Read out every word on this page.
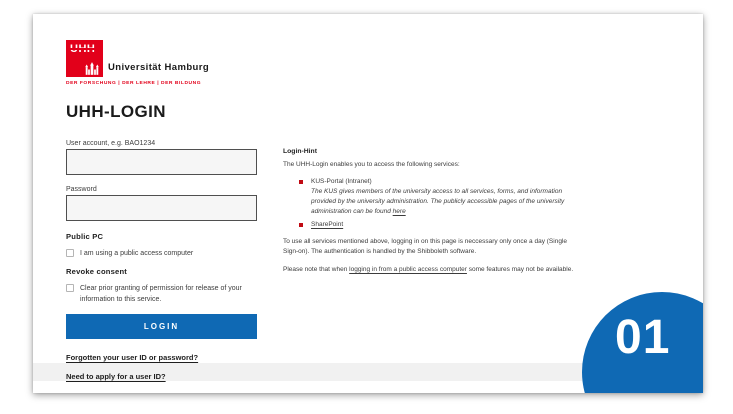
UHH
Universität Hamburg
DER FORSCHUNG | DER LEHRE | DER BILDUNG
UHH-LOGIN
User account, e.g. BAO1234
Password
Public PC
I am using a public access computer
Revoke consent
Clear prior granting of permission for release of your information to this service.
LOGIN
Forgotten your user ID or password?
Need to apply for a user ID?
Login-Hint

The UHH-Login enables you to access the following services:

KUS-Portal (Intranet)
The KUS gives members of the university access to all services, forms, and information provided by the university administration. The publicly accessible pages of the university administration can be found here
SharePoint

To use all services mentioned above, logging in on this page is neccessary only once a day (Single Sign-on). The authentication is handled by the Shibboleth software.

Please note that when logging in from a public access computer some features may not be available.

01
